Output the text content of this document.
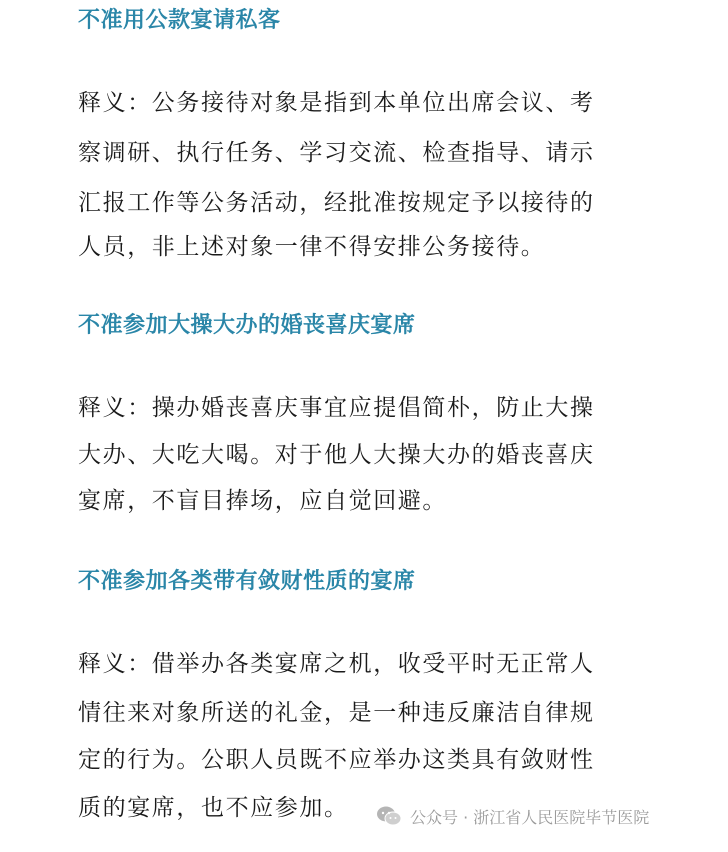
不准用公款宴请私客
释义：公务接待对象是指到本单位出席会议、考
察调研、执行任务、学习交流、检查指导、请示
汇报工作等公务活动，经批准按规定予以接待的
人员，非上述对象一律不得安排公务接待。
不准参加大操大办的婚丧喜庆宴席
释义：操办婚丧喜庆事宜应提倡简朴，防止大操
大办、大吃大喝。对于他人大操大办的婚丧喜庆
宴席，不盲目捧场，应自觉回避。
不准参加各类带有敛财性质的宴席
释义：借举办各类宴席之机，收受平时无正常人
情往来对象所送的礼金，是一种违反廉洁自律规
定的行为。公职人员既不应举办这类具有敛财性
质的宴席，也不应参加。	公众号 · 浙江省人民医院毕节医院
